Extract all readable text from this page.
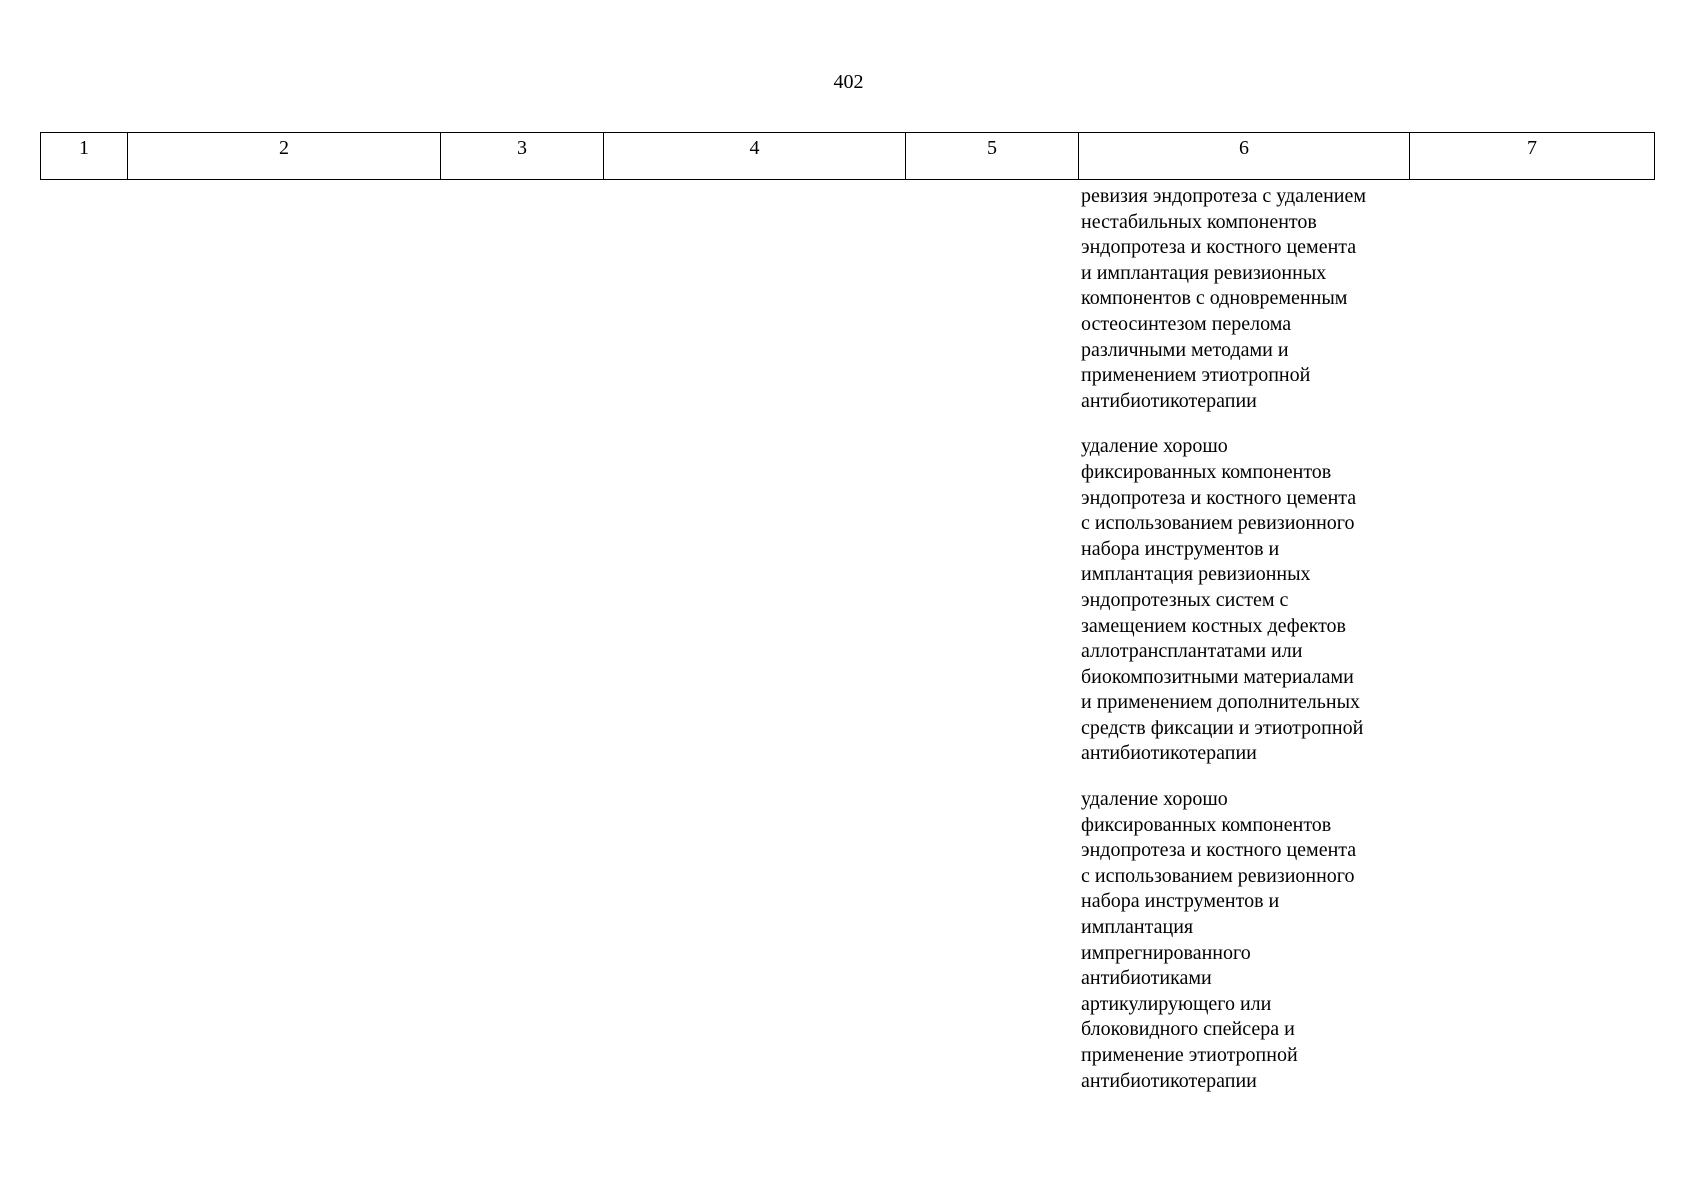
402
1	2	3	4	5	6	7

ревизия эндопротеза с удалением
нестабильных компонентов
эндопротеза и костного цемента
и имплантация ревизионных
компонентов с одновременным
остеосинтезом перелома
различными методами и
применением этиотропной
антибиотикотерапии

удаление хорошо
фиксированных компонентов
эндопротеза и костного цемента
с использованием ревизионного
набора инструментов и
имплантация ревизионных
эндопротезных систем с
замещением костных дефектов
аллотрансплантатами или
биокомпозитными материалами
и применением дополнительных
средств фиксации и этиотропной
антибиотикотерапии

удаление хорошо
фиксированных компонентов
эндопротеза и костного цемента
с использованием ревизионного
набора инструментов и
имплантация
импрегнированного
антибиотиками
артикулирующего или
блоковидного спейсера и
применение этиотропной
антибиотикотерапии
